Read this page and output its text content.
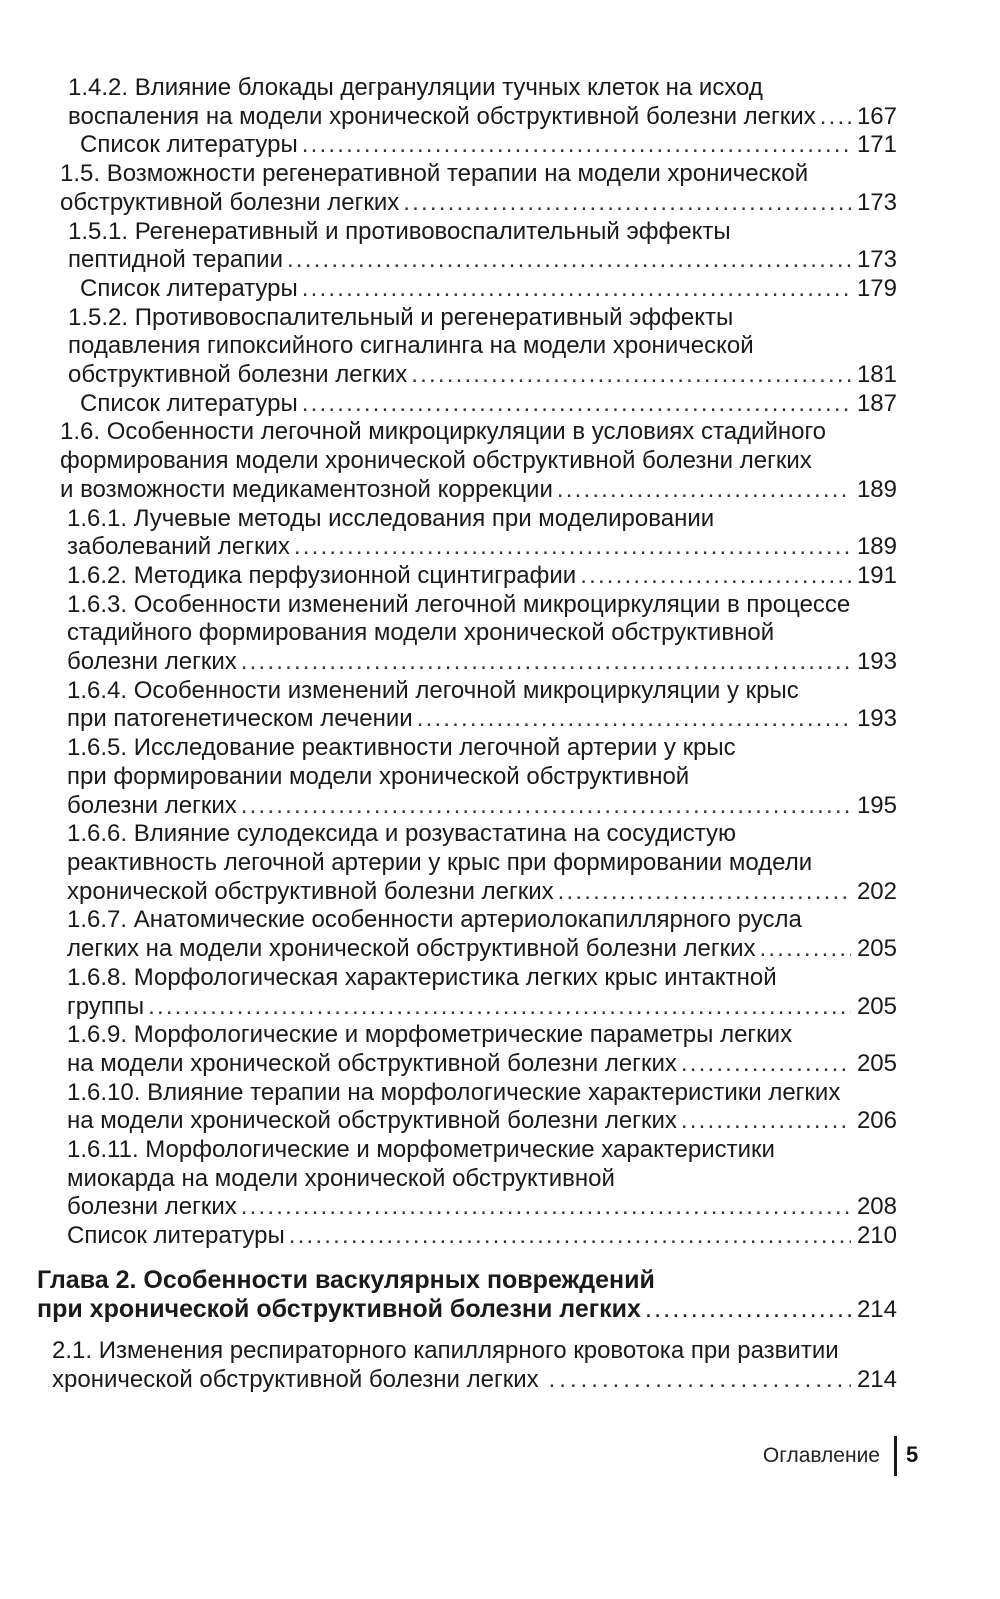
1.4.2. Влияние блокады дегрануляции тучных клеток на исход
воспаления на модели хронической обструктивной болезни легких ..... 167
Список литературы .....	171
1.5. Возможности регенеративной терапии на модели хронической
обструктивной болезни легких .....	173
1.5.1. Регенеративный и противовоспалительный эффекты
пептидной терапии .....	173
Список литературы .....	179
1.5.2. Противовоспалительный и регенеративный эффекты
подавления гипоксийного сигналинга на модели хронической
обструктивной болезни легких .....	181
Список литературы .....	187
1.6. Особенности легочной микроциркуляции в условиях стадийного
формирования модели хронической обструктивной болезни легких
и возможности медикаментозной коррекции .....	189
1.6.1. Лучевые методы исследования при моделировании
заболеваний легких .....	189
1.6.2. Методика перфузионной сцинтиграфии .....	191
1.6.3. Особенности изменений легочной микроциркуляции в процессе
стадийного формирования модели хронической обструктивной
болезни легких .....	193
1.6.4. Особенности изменений легочной микроциркуляции у крыс
при патогенетическом лечении .....	193
1.6.5. Исследование реактивности легочной артерии у крыс
при формировании модели хронической обструктивной
болезни легких .....	195
1.6.6. Влияние сулодексида и розувастатина на сосудистую
реактивность легочной артерии у крыс при формировании модели
хронической обструктивной болезни легких .....	202
1.6.7. Анатомические особенности артериолокапиллярного русла
легких на модели хронической обструктивной болезни легких .....	205
1.6.8. Морфологическая характеристика легких крыс интактной
группы .....	205
1.6.9. Морфологические и морфометрические параметры легких
на модели хронической обструктивной болезни легких .....	205
1.6.10. Влияние терапии на морфологические характеристики легких
на модели хронической обструктивной болезни легких .....	206
1.6.11. Морфологические и морфометрические характеристики
миокарда на модели хронической обструктивной
болезни легких .....	208
Список литературы .....	210
Глава 2. Особенности васкулярных повреждений
при хронической обструктивной болезни легких .....	214
2.1. Изменения респираторного капиллярного кровотока при развитии
хронической обструктивной болезни легких .....	214
Оглавление 5
